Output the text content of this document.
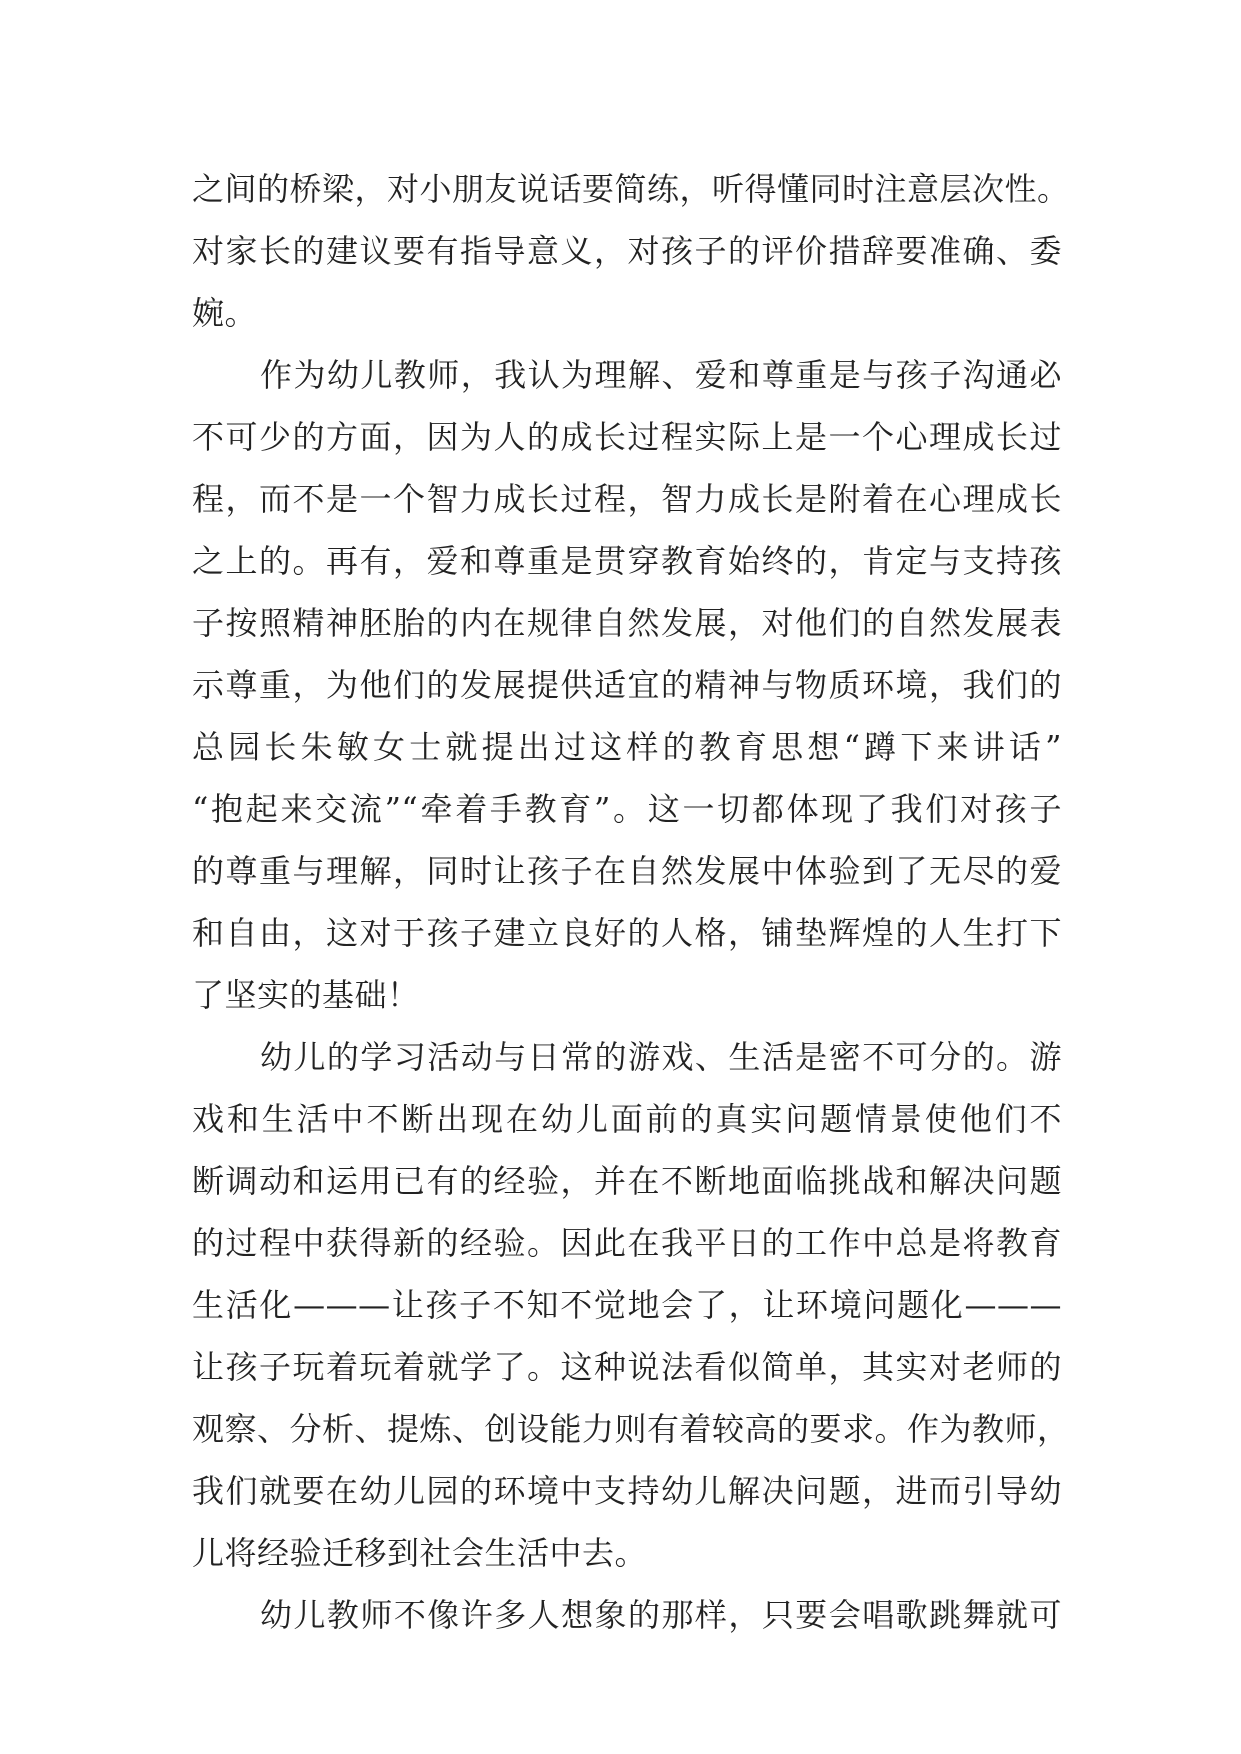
之间的桥梁，对小朋友说话要简练，听得懂同时注意层次性。
对家长的建议要有指导意义，对孩子的评价措辞要准确、委
婉。
作为幼儿教师，我认为理解、爱和尊重是与孩子沟通必
不可少的方面，因为人的成长过程实际上是一个心理成长过
程，而不是一个智力成长过程，智力成长是附着在心理成长
之上的。再有，爱和尊重是贯穿教育始终的，肯定与支持孩
子按照精神胚胎的内在规律自然发展，对他们的自然发展表
示尊重，为他们的发展提供适宜的精神与物质环境，我们的
总园长朱敏女士就提出过这样的教育思想“蹲下来讲话”
“抱起来交流”“牵着手教育”。这一切都体现了我们对孩子
的尊重与理解，同时让孩子在自然发展中体验到了无尽的爱
和自由，这对于孩子建立良好的人格，铺垫辉煌的人生打下
了坚实的基础！
幼儿的学习活动与日常的游戏、生活是密不可分的。游
戏和生活中不断出现在幼儿面前的真实问题情景使他们不
断调动和运用已有的经验，并在不断地面临挑战和解决问题
的过程中获得新的经验。因此在我平日的工作中总是将教育
生活化———让孩子不知不觉地会了，让环境问题化———
让孩子玩着玩着就学了。这种说法看似简单，其实对老师的
观察、分析、提炼、创设能力则有着较高的要求。作为教师，
我们就要在幼儿园的环境中支持幼儿解决问题，进而引导幼
儿将经验迁移到社会生活中去。
幼儿教师不像许多人想象的那样，只要会唱歌跳舞就可
